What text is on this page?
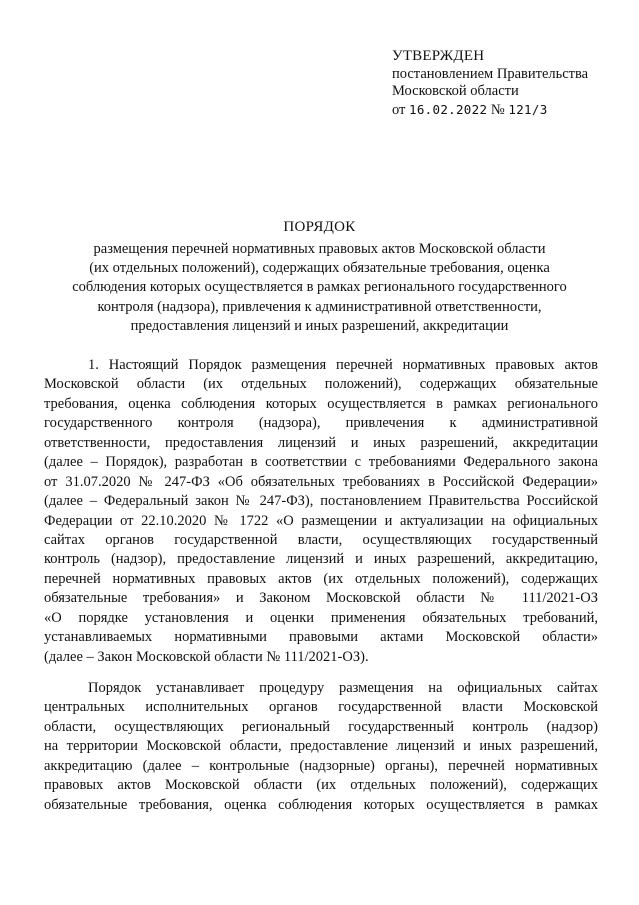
УТВЕРЖДЕН
постановлением Правительства
Московской области
от 16.02.2022 № 121/3
ПОРЯДОК
размещения перечней нормативных правовых актов Московской области
(их отдельных положений), содержащих обязательные требования, оценка
соблюдения которых осуществляется в рамках регионального государственного
контроля (надзора), привлечения к административной ответственности,
предоставления лицензий и иных разрешений, аккредитации
1. Настоящий Порядок размещения перечней нормативных правовых актов
Московской области (их отдельных положений), содержащих обязательные
требования, оценка соблюдения которых осуществляется в рамках регионального
государственного контроля (надзора), привлечения к административной
ответственности, предоставления лицензий и иных разрешений, аккредитации
(далее – Порядок), разработан в соответствии с требованиями Федерального закона
от 31.07.2020 № 247-ФЗ «Об обязательных требованиях в Российской Федерации»
(далее – Федеральный закон № 247-ФЗ), постановлением Правительства Российской
Федерации от 22.10.2020 № 1722 «О размещении и актуализации на официальных
сайтах органов государственной власти, осуществляющих государственный
контроль (надзор), предоставление лицензий и иных разрешений, аккредитацию,
перечней нормативных правовых актов (их отдельных положений), содержащих
обязательные требования» и Законом Московской области № 111/2021-ОЗ
«О порядке установления и оценки применения обязательных требований,
устанавливаемых нормативными правовыми актами Московской области»
(далее – Закон Московской области № 111/2021-ОЗ).
Порядок устанавливает процедуру размещения на официальных сайтах
центральных исполнительных органов государственной власти Московской
области, осуществляющих региональный государственный контроль (надзор)
на территории Московской области, предоставление лицензий и иных разрешений,
аккредитацию (далее – контрольные (надзорные) органы), перечней нормативных
правовых актов Московской области (их отдельных положений), содержащих
обязательные требования, оценка соблюдения которых осуществляется в рамках
